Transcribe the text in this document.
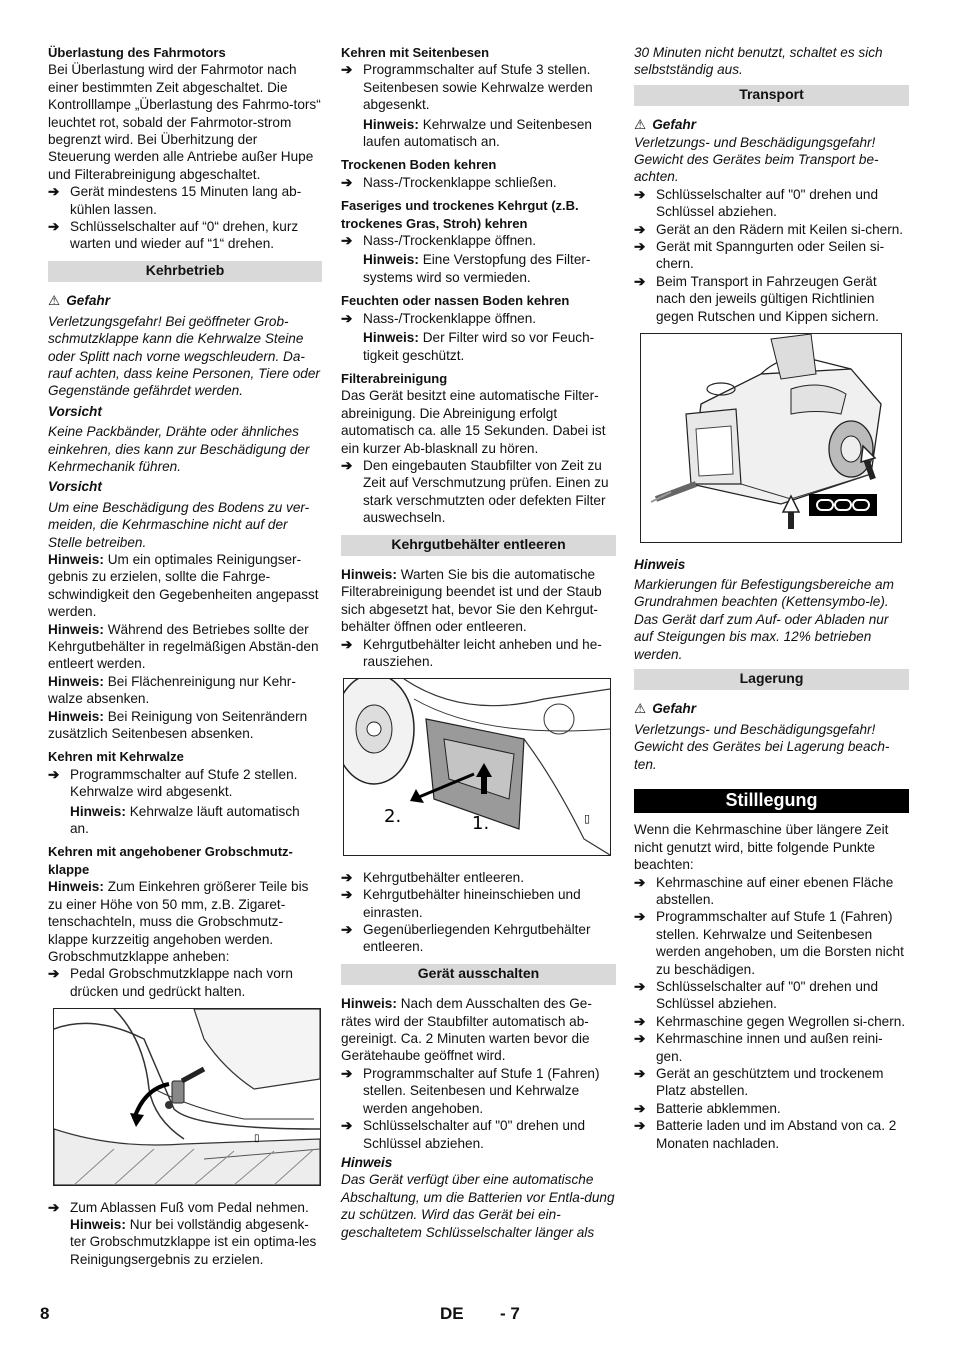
Überlastung des Fahrmotors

Bei Überlastung wird der Fahrmotor nach einer bestimmten Zeit abgeschaltet. Die Kontrolllampe „Überlastung des Fahrmo-tors“ leuchtet rot, sobald der Fahrmotor-strom begrenzt wird. Bei Überhitzung der Steuerung werden alle Antriebe außer Hupe und Filterabreinigung abgeschaltet.

➔ Gerät mindestens 15 Minuten lang ab-kühlen lassen.
➔ Schlüsselschalter auf “0“ drehen, kurz warten und wieder auf “1“ drehen.
Kehrbetrieb

⚠ Gefahr

Verletzungsgefahr! Bei geöffneter Grob-schmutzklappe kann die Kehrwalze Steine oder Splitt nach vorne wegschleudern. Da-rauf achten, dass keine Personen, Tiere oder Gegenstände gefährdet werden.

Vorsicht

Keine Packbänder, Drähte oder ähnliches einkehren, dies kann zur Beschädigung der Kehrmechanik führen.

Vorsicht

Um eine Beschädigung des Bodens zu ver-meiden, die Kehrmaschine nicht auf der Stelle betreiben.

Hinweis: Um ein optimales Reinigungser-gebnis zu erzielen, sollte die Fahrge-schwindigkeit den Gegebenheiten angepasst werden.

Hinweis: Während des Betriebes sollte der Kehrgutbehälter in regelmäßigen Abstän-den entleert werden.

Hinweis: Bei Flächenreinigung nur Kehr-walze absenken.

Hinweis: Bei Reinigung von Seitenrändern zusätzlich Seitenbesen absenken.

Kehren mit Kehrwalze

➔ Programmschalter auf Stufe 2 stellen. Kehrwalze wird abgesenkt.

Hinweis: Kehrwalze läuft automatisch an.

Kehren mit angehobener Grobschmutz-klappe

Hinweis: Zum Einkehren größerer Teile bis zu einer Höhe von 50 mm, z.B. Zigaret-tenschachteln, muss die Grobschmutz-klappe kurzzeitig angehoben werden.

Grobschmutzklappe anheben:

➔ Pedal Grobschmutzklappe nach vorn drücken und gedrückt halten.
▯
➔ Zum Ablassen Fuß vom Pedal nehmen.

Hinweis: Nur bei vollständig abgesenk-ter Grobschmutzklappe ist ein optima-les Reinigungsergebnis zu erzielen.

Kehren mit Seitenbesen

➔ Programmschalter auf Stufe 3 stellen. Seitenbesen sowie Kehrwalze werden abgesenkt.

Hinweis: Kehrwalze und Seitenbesen laufen automatisch an.

Trockenen Boden kehren

➔ Nass-/Trockenklappe schließen.

Faseriges und trockenes Kehrgut (z.B. trockenes Gras, Stroh) kehren

➔ Nass-/Trockenklappe öffnen.

Hinweis: Eine Verstopfung des Filter-systems wird so vermieden.

Feuchten oder nassen Boden kehren

➔ Nass-/Trockenklappe öffnen.

Hinweis: Der Filter wird so vor Feuch-tigkeit geschützt.

Filterabreinigung

Das Gerät besitzt eine automatische Filter-abreinigung. Die Abreinigung erfolgt automatisch ca. alle 15 Sekunden. Dabei ist ein kurzer Ab-blasknall zu hören.

➔ Den eingebauten Staubfilter von Zeit zu Zeit auf Verschmutzung prüfen. Einen zu stark verschmutzten oder defekten Filter auswechseln.
Kehrgutbehälter entleeren

Hinweis: Warten Sie bis die automatische Filterabreinigung beendet ist und der Staub sich abgesetzt hat, bevor Sie den Kehrgut-behälter öffnen oder entleeren.

➔ Kehrgutbehälter leicht anheben und he-rausziehen.
2.	1.	▯
➔ Kehrgutbehälter entleeren.
➔ Kehrgutbehälter hineinschieben und einrasten.
➔ Gegenüberliegenden Kehrgutbehälter entleeren.
Gerät ausschalten

Hinweis: Nach dem Ausschalten des Ge-rätes wird der Staubfilter automatisch ab-gereinigt. Ca. 2 Minuten warten bevor die Gerätehaube geöffnet wird.

➔ Programmschalter auf Stufe 1 (Fahren) stellen. Seitenbesen und Kehrwalze werden angehoben.
➔ Schlüsselschalter auf "0" drehen und Schlüssel abziehen.

Hinweis

Das Gerät verfügt über eine automatische Abschaltung, um die Batterien vor Entla-dung zu schützen. Wird das Gerät bei ein-geschaltetem Schlüsselschalter länger als

30 Minuten nicht benutzt, schaltet es sich selbstständig aus.

Transport

⚠ Gefahr

Verletzungs- und Beschädigungsgefahr! Gewicht des Gerätes beim Transport be-achten.

➔ Schlüsselschalter auf "0" drehen und Schlüssel abziehen.
➔ Gerät an den Rädern mit Keilen si-chern.
➔ Gerät mit Spanngurten oder Seilen si-chern.
➔ Beim Transport in Fahrzeugen Gerät nach den jeweils gültigen Richtlinien gegen Rutschen und Kippen sichern.

Hinweis

Markierungen für Befestigungsbereiche am Grundrahmen beachten (Kettensymbo-le). Das Gerät darf zum Auf- oder Abladen nur auf Steigungen bis max. 12% betrieben werden.

Lagerung

⚠ Gefahr

Verletzungs- und Beschädigungsgefahr! Gewicht des Gerätes bei Lagerung beach-ten.

Stilllegung

Wenn die Kehrmaschine über längere Zeit nicht genutzt wird, bitte folgende Punkte beachten:

➔ Kehrmaschine auf einer ebenen Fläche abstellen.
➔ Programmschalter auf Stufe 1 (Fahren) stellen. Kehrwalze und Seitenbesen werden angehoben, um die Borsten nicht zu beschädigen.
➔ Schlüsselschalter auf "0" drehen und Schlüssel abziehen.
➔ Kehrmaschine gegen Wegrollen si-chern.
➔ Kehrmaschine innen und außen reini-gen.
➔ Gerät an geschütztem und trockenem Platz abstellen.
➔ Batterie abklemmen.
➔ Batterie laden und im Abstand von ca. 2 Monaten nachladen.
8	DE - 7
